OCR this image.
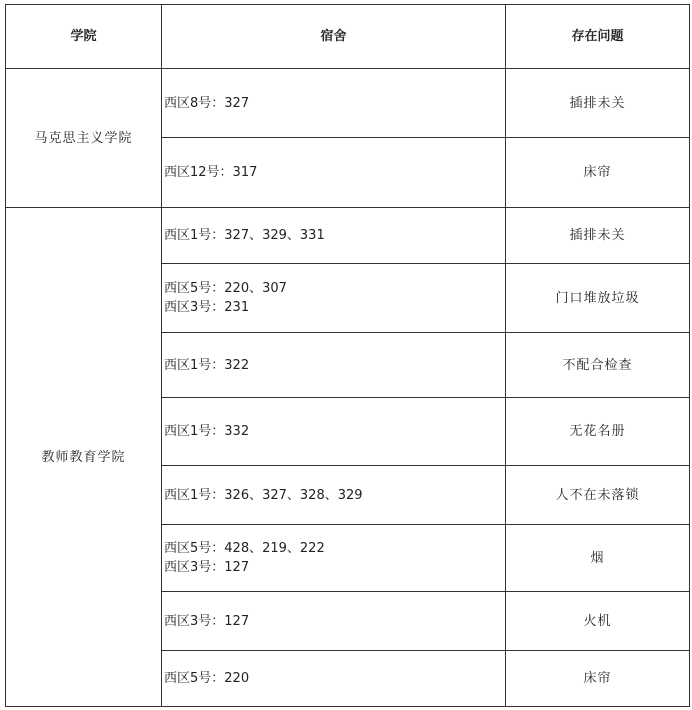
学院	宿舍	存在问题
马克思主义学院	西区8号：327	插排未关

	西区12号：317	床帘
教师教育学院	西区1号：327、329、331	插排未关

	西区5号：220、307
西区3号：231	门口堆放垃圾

	西区1号：322	不配合检查

	西区1号：332	无花名册

	西区1号：326、327、328、329	人不在未落锁

	西区5号：428、219、222
西区3号：127	烟

	西区3号：127	火机

	西区5号：220	床帘
